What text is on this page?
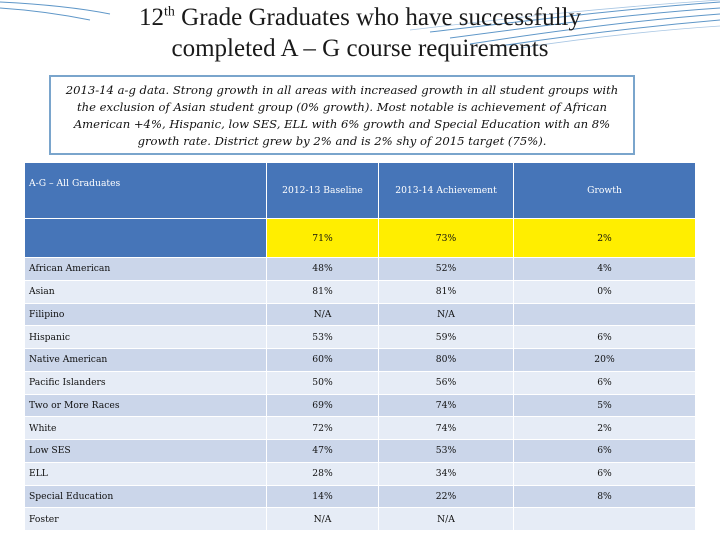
12th Grade Graduates who have successfully
completed A – G course requirements
2013-14 a-g data. Strong growth in all areas with increased growth in all student groups with the exclusion of Asian student group (0% growth). Most notable is achievement of African American +4%, Hispanic, low SES, ELL with 6% growth and Special Education with an 8% growth rate. District grew by 2% and is 2% shy of 2015 target (75%).
A-G – All Graduates	2012-13 Baseline	2013-14 Achievement	Growth
	71%	73%	2%
African American	48%	52%	4%
Asian	81%	81%	0%
Filipino	N/A	N/A	
Hispanic	53%	59%	6%
Native American	60%	80%	20%
Pacific Islanders	50%	56%	6%
Two or More Races	69%	74%	5%
White	72%	74%	2%
Low SES	47%	53%	6%
ELL	28%	34%	6%
Special Education	14%	22%	8%
Foster	N/A	N/A	
